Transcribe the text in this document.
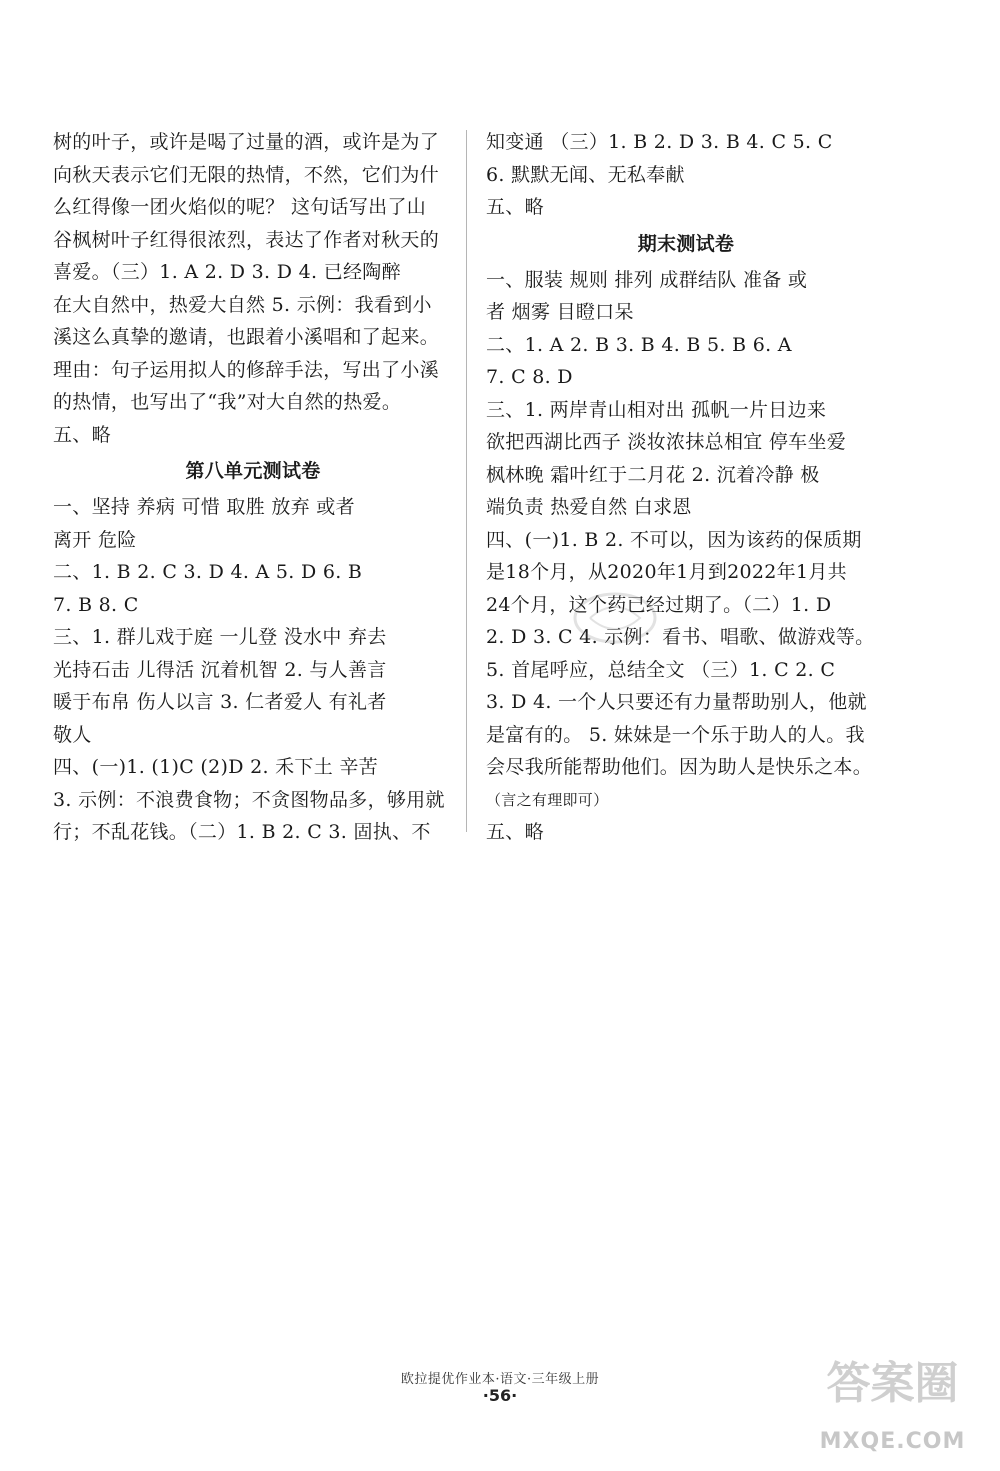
树的叶子，或许是喝了过量的酒，或许是为了
向秋天表示它们无限的热情，不然，它们为什
么红得像一团火焰似的呢？ 这句话写出了山
谷枫树叶子红得很浓烈，表达了作者对秋天的
喜爱。（三）1. A 2. D 3. D 4. 已经陶醉
在大自然中，热爱大自然 5. 示例：我看到小
溪这么真挚的邀请，也跟着小溪唱和了起来。
理由：句子运用拟人的修辞手法，写出了小溪
的热情，也写出了“我”对大自然的热爱。
五、略
第八单元测试卷
一、坚持 养病 可惜 取胜 放弃 或者
离开 危险
二、1. B 2. C 3. D 4. A 5. D 6. B
7. B 8. C
三、1. 群儿戏于庭 一儿登 没水中 弃去
光持石击 儿得活 沉着机智 2. 与人善言
暖于布帛 伤人以言 3. 仁者爱人 有礼者
敬人
四、(一)1. (1)C (2)D 2. 禾下土 辛苦
3. 示例：不浪费食物；不贪图物品多，够用就
行；不乱花钱。（二）1. B 2. C 3. 固执、不
知变通 （三）1. B 2. D 3. B 4. C 5. C
6. 默默无闻、无私奉献
五、略
期末测试卷
一、服装 规则 排列 成群结队 准备 或
者 烟雾 目瞪口呆
二、1. A 2. B 3. B 4. B 5. B 6. A
7. C 8. D
三、1. 两岸青山相对出 孤帆一片日边来
欲把西湖比西子 淡妆浓抹总相宜 停车坐爱
枫林晚 霜叶红于二月花 2. 沉着冷静 极
端负责 热爱自然 白求恩
四、(一)1. B 2. 不可以，因为该药的保质期
是18个月，从2020年1月到2022年1月共
24个月，这个药已经过期了。（二）1. D
2. D 3. C 4. 示例：看书、唱歌、做游戏等。
5. 首尾呼应，总结全文 （三）1. C 2. C
3. D 4. 一个人只要还有力量帮助别人，他就
是富有的。 5. 妹妹是一个乐于助人的人。我
会尽我所能帮助他们。因为助人是快乐之本。
（言之有理即可）
五、略
欧拉提优作业本·语文·三年级上册
·56·	答案圈
MXQE.COM
